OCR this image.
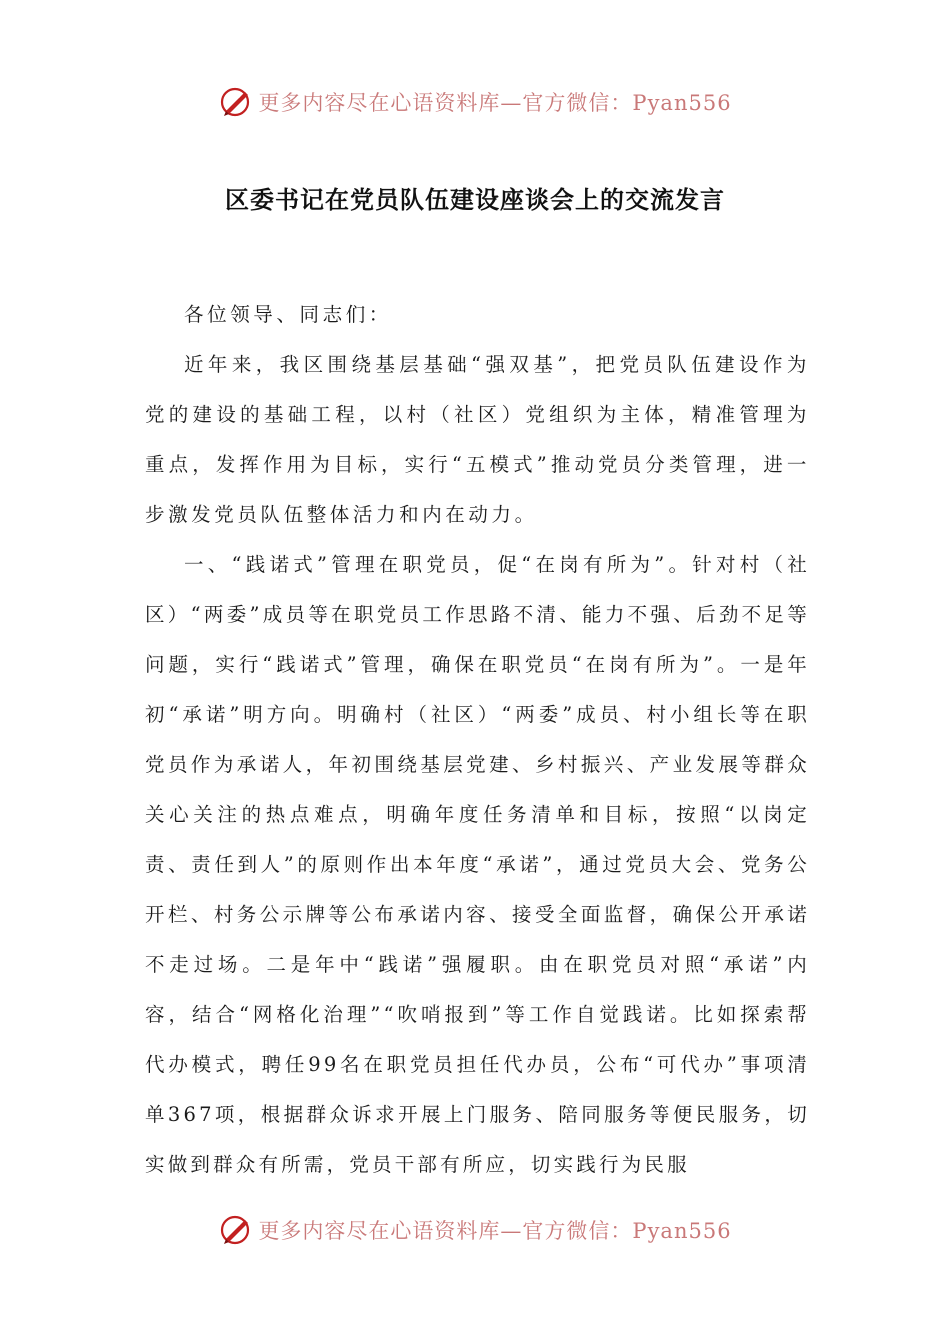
更多内容尽在心语资料库—官方微信：Pyan556
区委书记在党员队伍建设座谈会上的交流发言

各位领导、同志们：

近年来，我区围绕基层基础“强双基”，把党员队伍建设作为党的建设的基础工程，以村（社区）党组织为主体，精准管理为重点，发挥作用为目标，实行“五模式”推动党员分类管理，进一步激发党员队伍整体活力和内在动力。

一、“践诺式”管理在职党员，促“在岗有所为”。针对村（社区）“两委”成员等在职党员工作思路不清、能力不强、后劲不足等问题，实行“践诺式”管理，确保在职党员“在岗有所为”。一是年初“承诺”明方向。明确村（社区）“两委”成员、村小组长等在职党员作为承诺人，年初围绕基层党建、乡村振兴、产业发展等群众关心关注的热点难点，明确年度任务清单和目标，按照“以岗定责、责任到人”的原则作出本年度“承诺”，通过党员大会、党务公开栏、村务公示牌等公布承诺内容、接受全面监督，确保公开承诺不走过场。二是年中“践诺”强履职。由在职党员对照“承诺”内容，结合“网格化治理”“吹哨报到”等工作自觉践诺。比如探索帮代办模式，聘任99名在职党员担任代办员，公布“可代办”事项清单367项，根据群众诉求开展上门服务、陪同服务等便民服务，切实做到群众有所需，党员干部有所应，切实践行为民服

更多内容尽在心语资料库—官方微信：Pyan556
